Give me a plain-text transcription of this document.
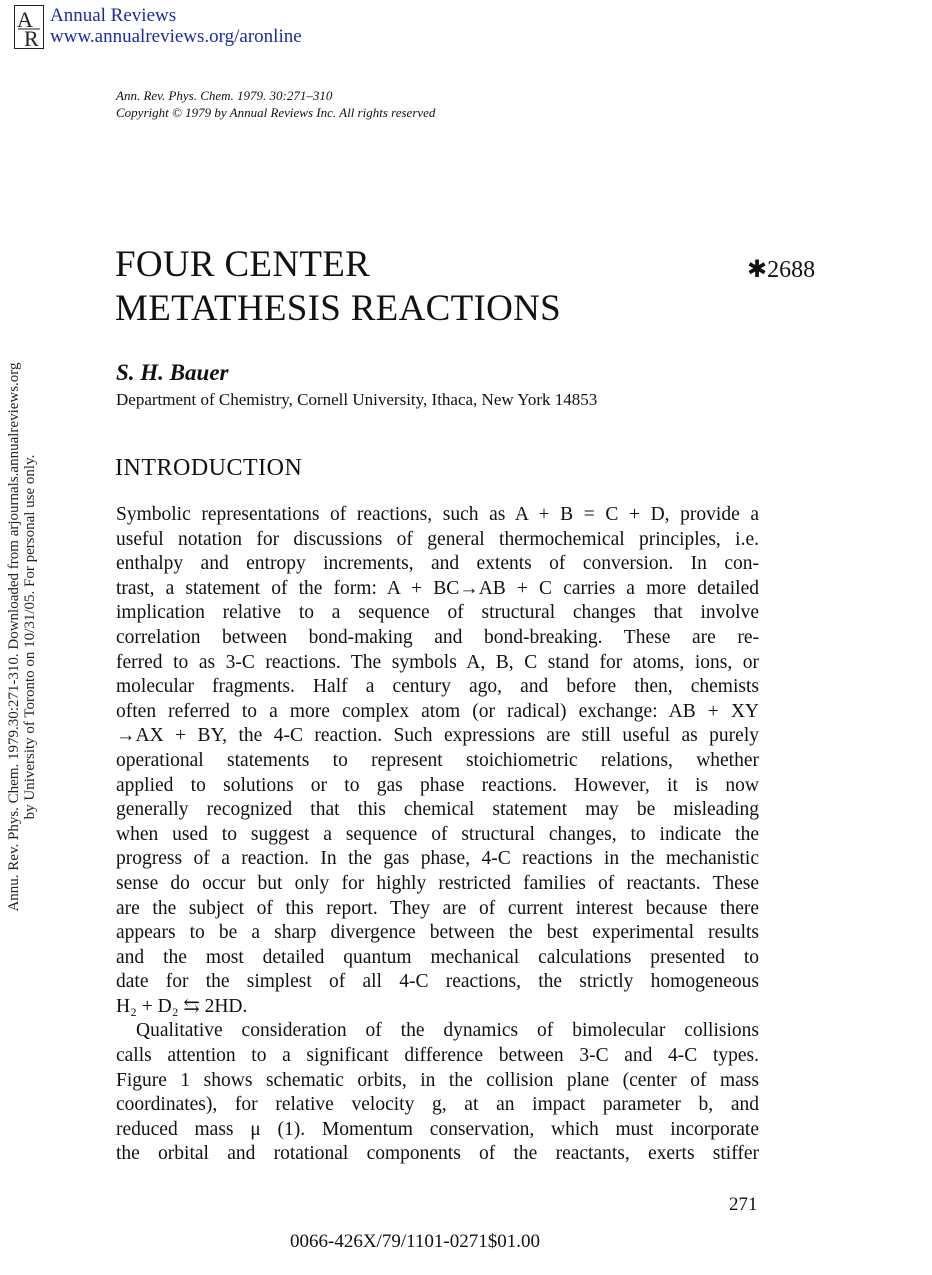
A
R
Annual Reviews
www.annualreviews.org/aronline
Annu. Rev. Phys. Chem. 1979.30:271-310. Downloaded from arjournals.annualreviews.org by University of Toronto on 10/31/05. For personal use only.
Ann. Rev. Phys. Chem. 1979. 30:271–310
Copyright © 1979 by Annual Reviews Inc. All rights reserved
FOUR CENTER
METATHESIS REACTIONS
✱2688
S. H. Bauer
Department of Chemistry, Cornell University, Ithaca, New York 14853
INTRODUCTION
Symbolic representations of reactions, such as A + B = C + D, provide a
useful notation for discussions of general thermochemical principles, i.e.
enthalpy and entropy increments, and extents of conversion. In con-
trast, a statement of the form: A + BC→AB + C carries a more detailed
implication relative to a sequence of structural changes that involve
correlation between bond-making and bond-breaking. These are re-
ferred to as 3-C reactions. The symbols A, B, C stand for atoms, ions, or
molecular fragments. Half a century ago, and before then, chemists
often referred to a more complex atom (or radical) exchange: AB + XY
→AX + BY, the 4-C reaction. Such expressions are still useful as purely
operational statements to represent stoichiometric relations, whether
applied to solutions or to gas phase reactions. However, it is now
generally recognized that this chemical statement may be misleading
when used to suggest a sequence of structural changes, to indicate the
progress of a reaction. In the gas phase, 4-C reactions in the mechanistic
sense do occur but only for highly restricted families of reactants. These
are the subject of this report. They are of current interest because there
appears to be a sharp divergence between the best experimental results
and the most detailed quantum mechanical calculations presented to
date for the simplest of all 4-C reactions, the strictly homogeneous
H₂ + D₂ ⇆ 2HD.
Qualitative consideration of the dynamics of bimolecular collisions
calls attention to a significant difference between 3-C and 4-C types.
Figure 1 shows schematic orbits, in the collision plane (center of mass
coordinates), for relative velocity g, at an impact parameter b, and
reduced mass μ (1). Momentum conservation, which must incorporate
the orbital and rotational components of the reactants, exerts stiffer
271
0066-426X/79/1101-0271$01.00
